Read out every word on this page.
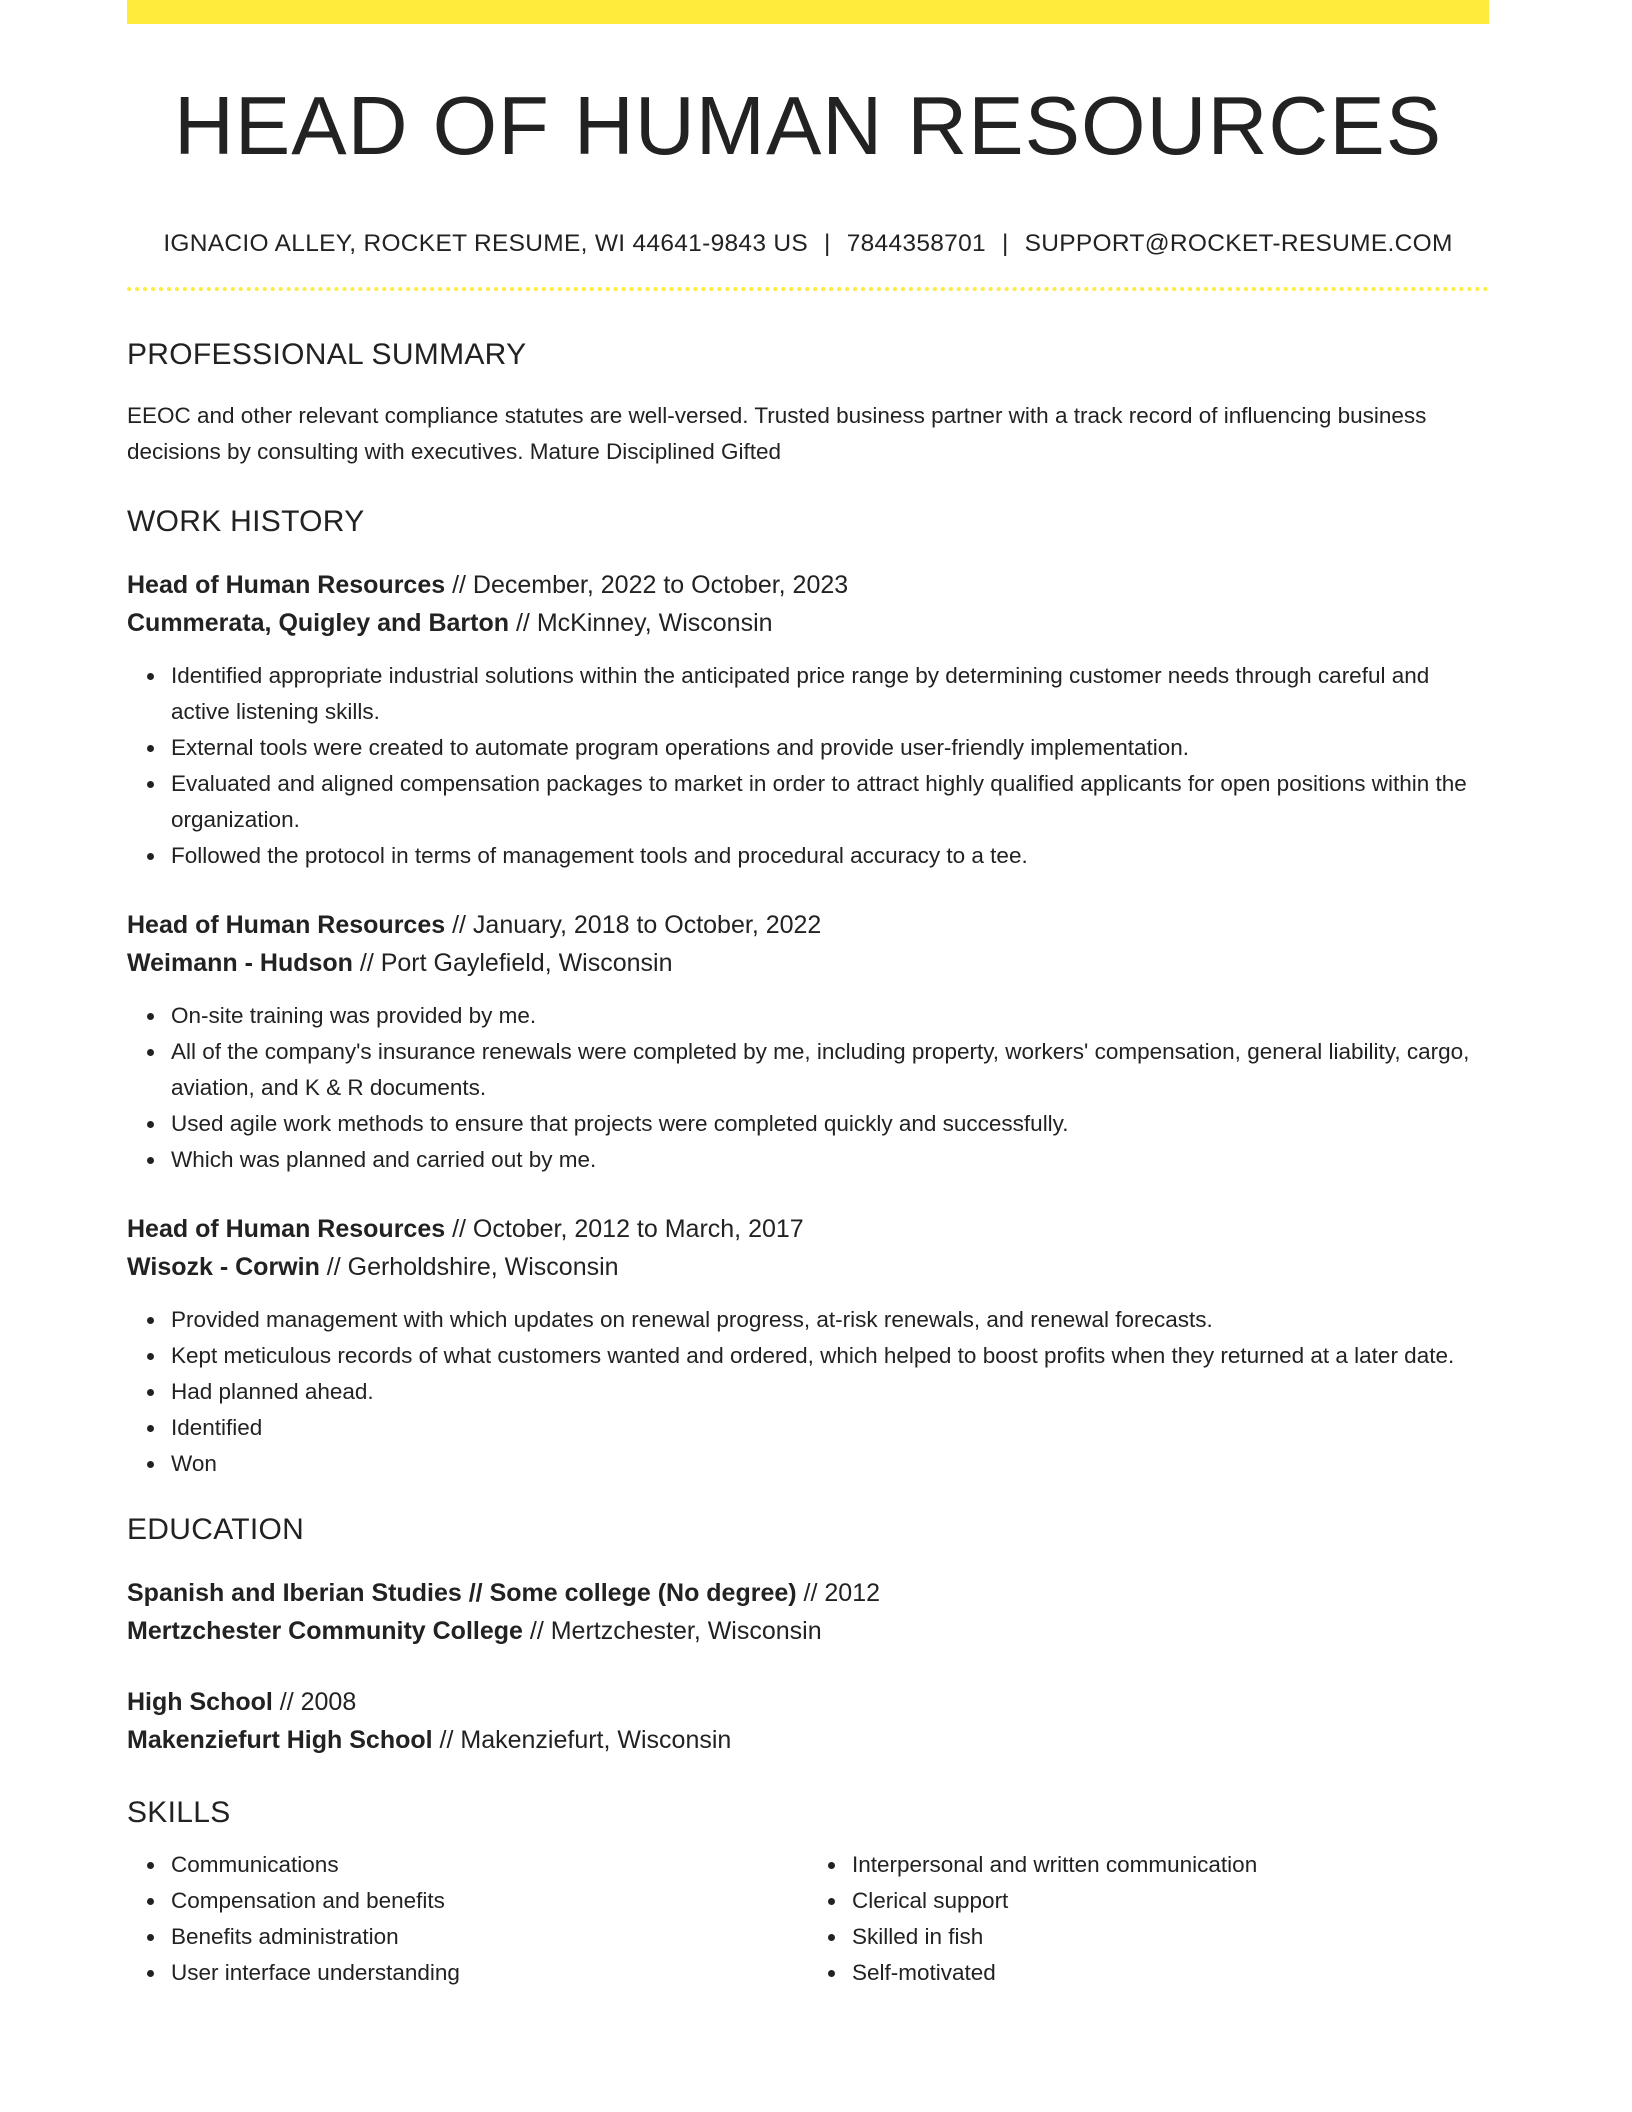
HEAD OF HUMAN RESOURCES
IGNACIO ALLEY, ROCKET RESUME, WI 44641-9843 US | 7844358701 | SUPPORT@ROCKET-RESUME.COM
PROFESSIONAL SUMMARY

EEOC and other relevant compliance statutes are well-versed. Trusted business partner with a track record of influencing business decisions by consulting with executives. Mature Disciplined Gifted

WORK HISTORY
Head of Human Resources // December, 2022 to October, 2023
Cummerata, Quigley and Barton // McKinney, Wisconsin
Identified appropriate industrial solutions within the anticipated price range by determining customer needs through careful and active listening skills.
External tools were created to automate program operations and provide user-friendly implementation.
Evaluated and aligned compensation packages to market in order to attract highly qualified applicants for open positions within the organization.
Followed the protocol in terms of management tools and procedural accuracy to a tee.
Head of Human Resources // January, 2018 to October, 2022
Weimann - Hudson // Port Gaylefield, Wisconsin
On-site training was provided by me.
All of the company's insurance renewals were completed by me, including property, workers' compensation, general liability, cargo, aviation, and K & R documents.
Used agile work methods to ensure that projects were completed quickly and successfully.
Which was planned and carried out by me.
Head of Human Resources // October, 2012 to March, 2017
Wisozk - Corwin // Gerholdshire, Wisconsin
Provided management with which updates on renewal progress, at-risk renewals, and renewal forecasts.
Kept meticulous records of what customers wanted and ordered, which helped to boost profits when they returned at a later date.
Had planned ahead.
Identified
Won
EDUCATION
Spanish and Iberian Studies // Some college (No degree) // 2012
Mertzchester Community College // Mertzchester, Wisconsin
High School // 2008
Makenziefurt High School // Makenziefurt, Wisconsin
SKILLS
Communications
Compensation and benefits
Benefits administration
User interface understanding
Interpersonal and written communication
Clerical support
Skilled in fish
Self-motivated
